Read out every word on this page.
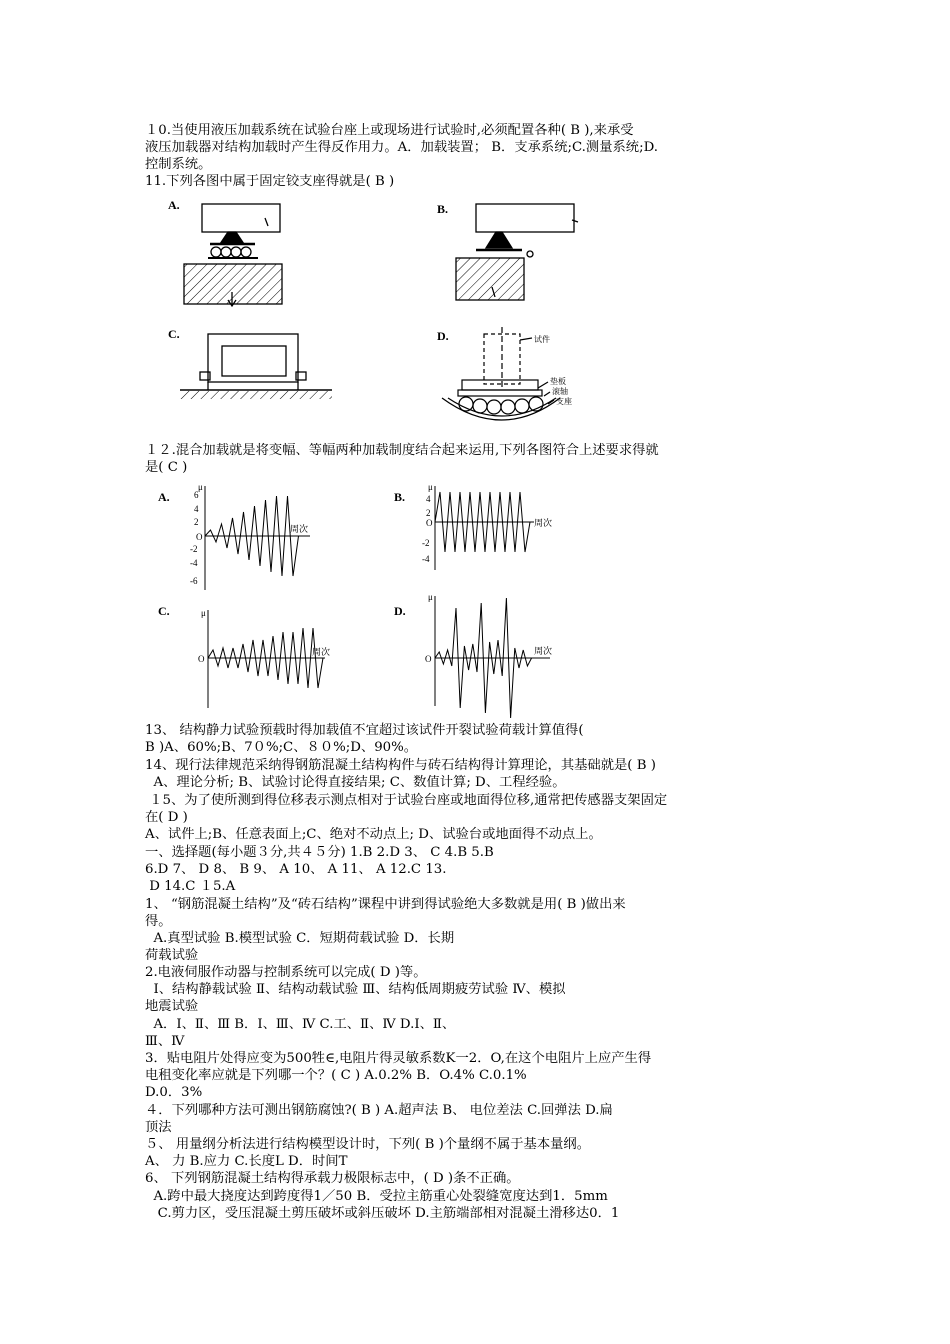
１0.当使用液压加载系统在试验台座上或现场进行试验时,必须配置各种( B ),来承受
液压加载器对结构加载时产生得反作用力。A．加载装置； B．支承系统;C.测量系统;D.
控制系统。
11.下列各图中属于固定铰支座得就是( B )
A.	B.
C.	D.	试件
垫板
滚轴
支座
１２.混合加载就是将变幅、等幅两种加载制度结合起来运用,下列各图符合上述要求得就
是( C )
A.	B.
C.	D.
μ	μ
μ
μ
周次
周次
周次	周次
O
O
O	O
6
4
2
-2
-4
-6
4
2
-2
-4
13、 结构静力试验预载时得加载值不宜超过该试件开裂试验荷载计算值得(
B )A、60%;B、7０%;C、８０%;D、90%。
14、现行法律规范采纳得钢筋混凝土结构构件与砖石结构得计算理论，其基础就是( B )
A、理论分析; B、试验讨论得直接结果; C、数值计算; D、工程经验。
１5、为了使所测到得位移表示测点相对于试验台座或地面得位移,通常把传感器支架固定
在( D )
A、试件上;B、任意表面上;C、绝对不动点上; D、试验台或地面得不动点上。
一、选择题(每小题３分,共４５分) 1.B 2.D 3、 C 4.B 5.B
6.D 7、 D 8、 B 9、 A 10、 A 11、 A 12.C 13.
D 14.C １5.A
1、 “钢筋混凝土结构”及“砖石结构”课程中讲到得试验绝大多数就是用( B )做出来
得。
A.真型试验 B.模型试验 C．短期荷载试验 D．长期
荷载试验
2.电液伺服作动器与控制系统可以完成( D )等。
Ⅰ、结构静载试验 Ⅱ、结构动载试验 Ⅲ、结构低周期疲劳试验 Ⅳ、模拟
地震试验
A．Ⅰ、Ⅱ、Ⅲ B．Ⅰ、Ⅲ、Ⅳ C.工、Ⅱ、Ⅳ D.Ⅰ、Ⅱ、
Ⅲ、Ⅳ
3．贴电阻片处得应变为500牲∈,电阻片得灵敏系数K一2．O,在这个电阻片上应产生得
电租变化率应就是下列哪一个？( C ) A.0.2% B．O.4% C.0.1%
D.0．3%
４．下列哪种方法可测出钢筋腐蚀?( B ) A.超声法 B、 电位差法 C.回弹法 D.扁
顶法
５、 用量纲分析法进行结构模型设计时，下列( B )个量纲不属于基本量纲。
A、 力 B.应力 C.长度L D．时间T
6、 下列钢筋混凝土结构得承载力极限标志中，( D )条不正确。
A.跨中最大挠度达到跨度得1／50 B．受拉主筋重心处裂缝宽度达到1．5mm
C.剪力区，受压混凝土剪压破坏或斜压破坏 D.主筋端部相对混凝土滑移达0．1
